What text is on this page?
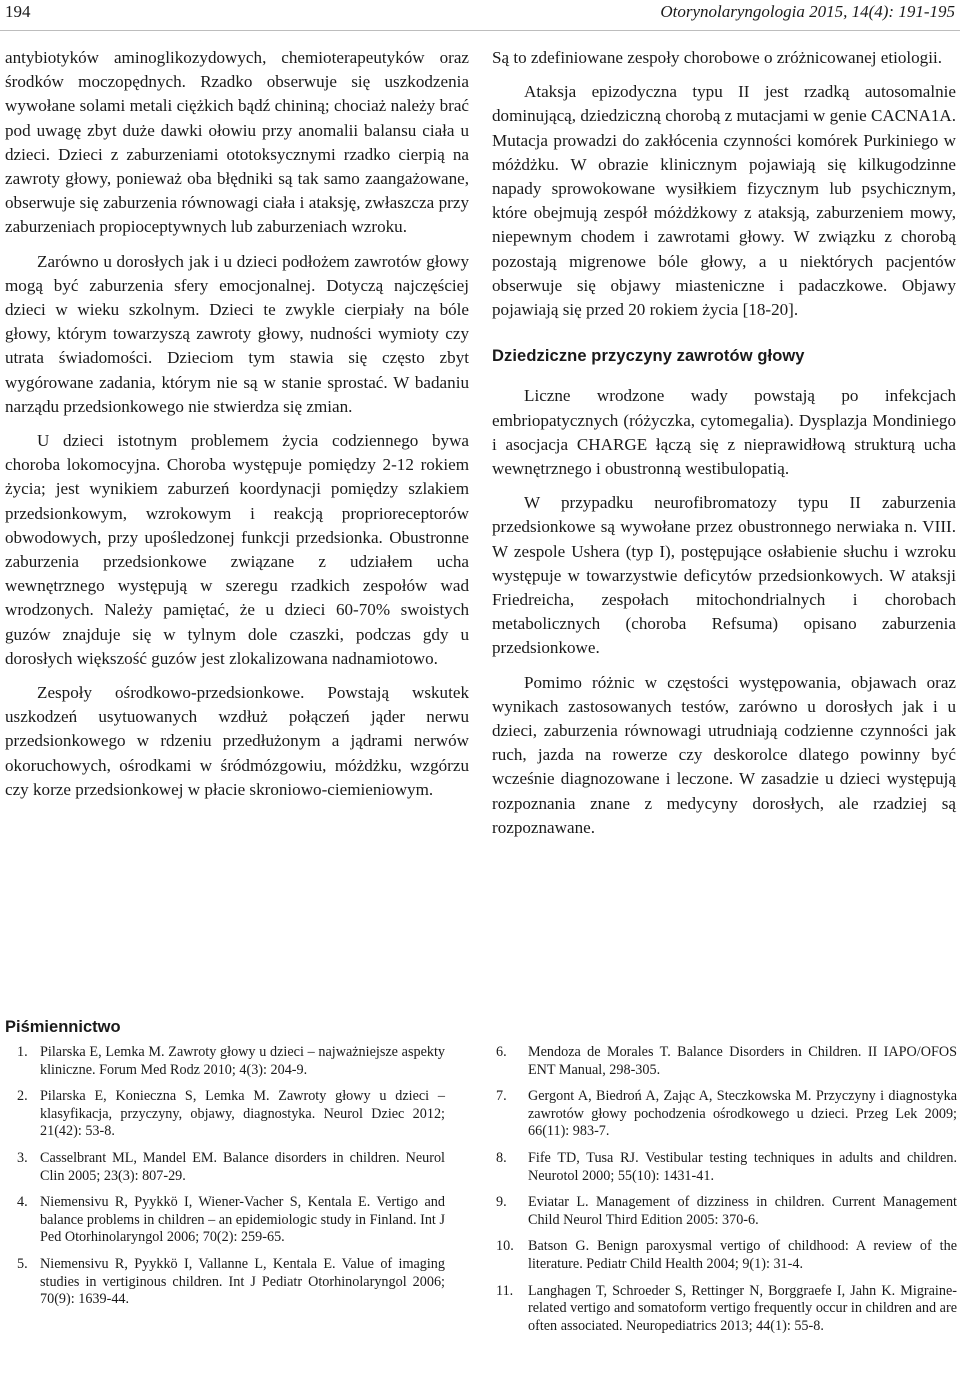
194	Otorynolaryngologia 2015, 14(4): 191-195

antybiotyków aminoglikozydowych, chemioterapeutyków oraz środków moczopędnych. Rzadko obserwuje się uszkodzenia wywołane solami metali ciężkich bądź chininą; chociaż należy brać pod uwagę zbyt duże dawki ołowiu przy anomalii balansu ciała u dzieci. Dzieci z zaburzeniami ototoksycznymi rzadko cierpią na zawroty głowy, ponieważ oba błędniki są tak samo zaangażowane, obserwuje się zaburzenia równowagi ciała i ataksję, zwłaszcza przy zaburzeniach propioceptywnych lub zaburzeniach wzroku.

Zarówno u dorosłych jak i u dzieci podłożem zawrotów głowy mogą być zaburzenia sfery emocjonalnej. Dotyczą najczęściej dzieci w wieku szkolnym. Dzieci te zwykle cierpiały na bóle głowy, którym towarzyszą zawroty głowy, nudności wymioty czy utrata świadomości. Dzieciom tym stawia się często zbyt wygórowane zadania, którym nie są w stanie sprostać. W badaniu narządu przedsionkowego nie stwierdza się zmian.

U dzieci istotnym problemem życia codziennego bywa choroba lokomocyjna. Choroba występuje pomiędzy 2-12 rokiem życia; jest wynikiem zaburzeń koordynacji pomiędzy szlakiem przedsionkowym, wzrokowym i reakcją proprioreceptorów obwodowych, przy upośledzonej funkcji przedsionka. Obustronne zaburzenia przedsionkowe związane z udziałem ucha wewnętrznego występują w szeregu rzadkich zespołów wad wrodzonych. Należy pamiętać, że u dzieci 60-70% swoistych guzów znajduje się w tylnym dole czaszki, podczas gdy u dorosłych większość guzów jest zlokalizowana nadnamiotowo.

Zespoły ośrodkowo-przedsionkowe. Powstają wskutek uszkodzeń usytuowanych wzdłuż połączeń jąder nerwu przedsionkowego w rdzeniu przedłużonym a jądrami nerwów okoruchowych, ośrodkami w śródmózgowiu, móżdżku, wzgórzu czy korze przedsionkowej w płacie skroniowo-ciemieniowym.

Są to zdefiniowane zespoły chorobowe o zróżnicowanej etiologii.

Ataksja epizodyczna typu II jest rzadką autosomalnie dominującą, dziedziczną chorobą z mutacjami w genie CACNA1A. Mutacja prowadzi do zakłócenia czynności komórek Purkiniego w móżdżku. W obrazie klinicznym pojawiają się kilkugodzinne napady sprowokowane wysiłkiem fizycznym lub psychicznym, które obejmują zespół móżdżkowy z ataksją, zaburzeniem mowy, niepewnym chodem i zawrotami głowy. W związku z chorobą pozostają migrenowe bóle głowy, a u niektórych pacjentów obserwuje się objawy miasteniczne i padaczkowe. Objawy pojawiają się przed 20 rokiem życia [18-20].

Dziedziczne przyczyny zawrotów głowy

Liczne wrodzone wady powstają po infekcjach embriopatycznych (różyczka, cytomegalia). Dysplazja Mondiniego i asocjacja CHARGE łączą się z nieprawidłową strukturą ucha wewnętrznego i obustronną westibulopatią.

W przypadku neurofibromatozy typu II zaburzenia przedsionkowe są wywołane przez obustronnego nerwiaka n. VIII. W zespole Ushera (typ I), postępujące osłabienie słuchu i wzroku występuje w towarzystwie deficytów przedsionkowych. W ataksji Friedreicha, zespołach mitochondrialnych i chorobach metabolicznych (choroba Refsuma) opisano zaburzenia przedsionkowe.

Pomimo różnic w częstości występowania, objawach oraz wynikach zastosowanych testów, zarówno u dorosłych jak i u dzieci, zaburzenia równowagi utrudniają codzienne czynności jak ruch, jazda na rowerze czy deskorolce dlatego powinny być wcześnie diagnozowane i leczone. W zasadzie u dzieci występują rozpoznania znane z medycyny dorosłych, ale rzadziej są rozpoznawane.

Piśmiennictwo
1. Pilarska E, Lemka M. Zawroty głowy u dzieci – najważniejsze aspekty kliniczne. Forum Med Rodz 2010; 4(3): 204-9.
2. Pilarska E, Konieczna S, Lemka M. Zawroty głowy u dzieci – klasyfikacja, przyczyny, objawy, diagnostyka. Neurol Dziec 2012; 21(42): 53-8.
3. Casselbrant ML, Mandel EM. Balance disorders in children. Neurol Clin 2005; 23(3): 807-29.
4. Niemensivu R, Pyykkö I, Wiener-Vacher S, Kentala E. Vertigo and balance problems in children – an epidemiologic study in Finland. Int J Ped Otorhinolaryngol 2006; 70(2): 259-65.
5. Niemensivu R, Pyykkö I, Vallanne L, Kentala E. Value of imaging studies in vertiginous children. Int J Pediatr Otorhinolaryngol 2006; 70(9): 1639-44.
6. Mendoza de Morales T. Balance Disorders in Children. II IAPO/OFOS ENT Manual, 298-305.
7. Gergont A, Biedroń A, Zając A, Steczkowska M. Przyczyny i diagnostyka zawrotów głowy pochodzenia ośrodkowego u dzieci. Przeg Lek 2009; 66(11): 983-7.
8. Fife TD, Tusa RJ. Vestibular testing techniques in adults and children. Neurotol 2000; 55(10): 1431-41.
9. Eviatar L. Management of dizziness in children. Current Management Child Neurol Third Edition 2005: 370-6.
10. Batson G. Benign paroxysmal vertigo of childhood: A review of the literature. Pediatr Child Health 2004; 9(1): 31-4.
11. Langhagen T, Schroeder S, Rettinger N, Borggraefe I, Jahn K. Migraine-related vertigo and somatoform vertigo frequently occur in children and are often associated. Neuropediatrics 2013; 44(1): 55-8.
